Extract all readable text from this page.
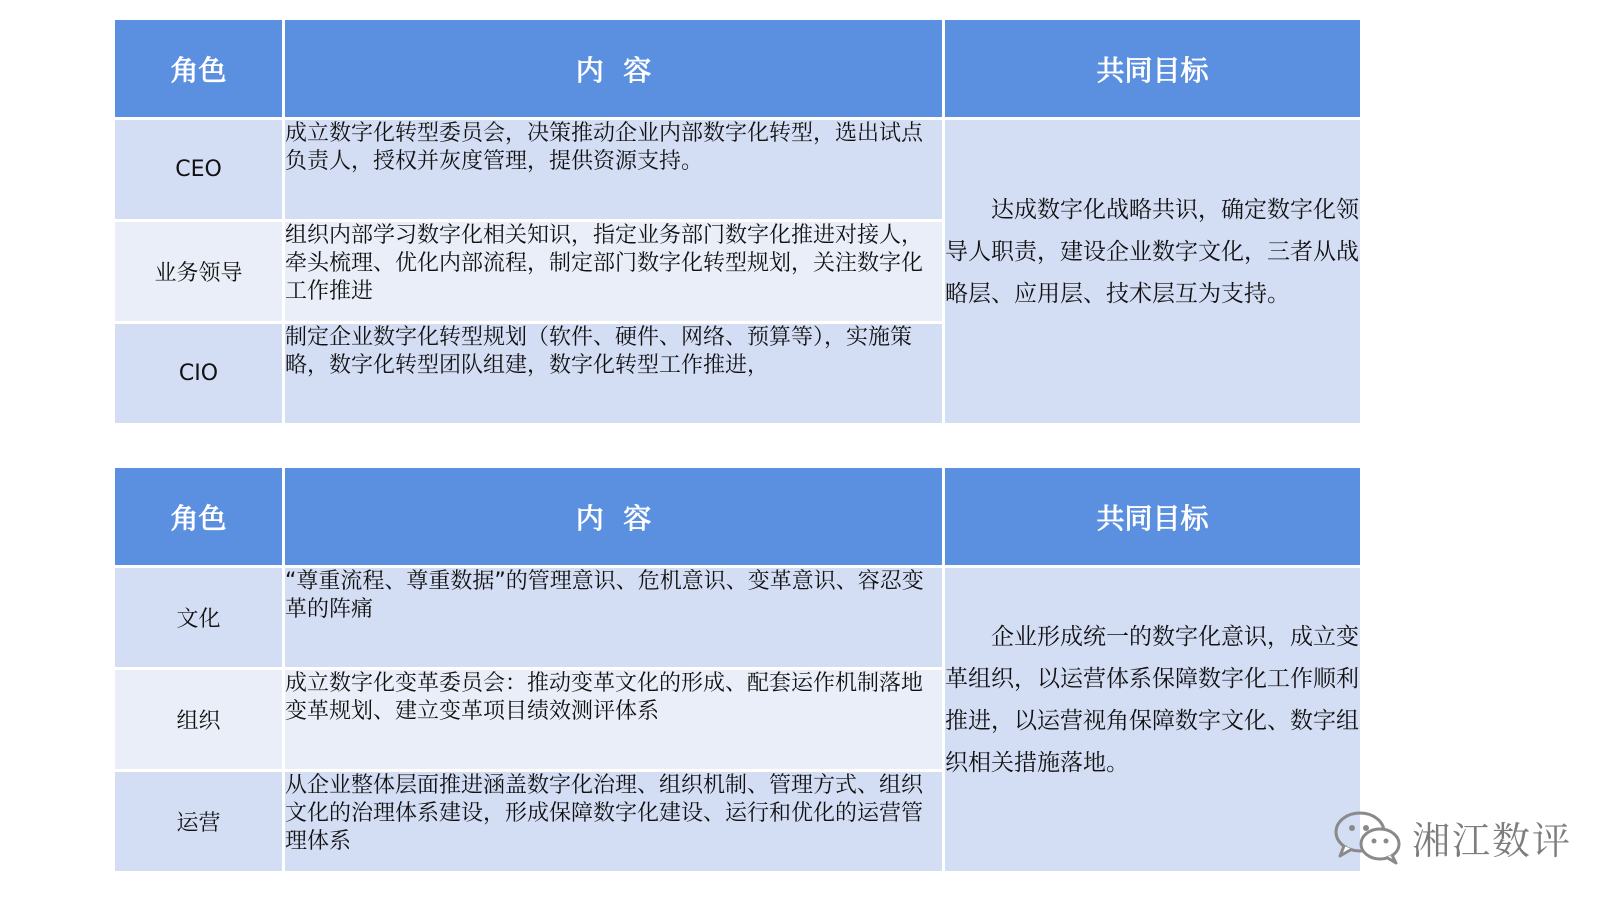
角色	内  容	共同目标
CEO	成立数字化转型委员会，决策推动企业内部数字化转型，选出试点负责人，授权并灰度管理，提供资源支持。	达成数字化战略共识，确定数字化领导人职责，建设企业数字文化，三者从战略层、应用层、技术层互为支持。

业务领导	组织内部学习数字化相关知识，指定业务部门数字化推进对接人，牵头梳理、优化内部流程，制定部门数字化转型规划，关注数字化工作推进	
CIO	制定企业数字化转型规划（软件、硬件、网络、预算等），实施策略，数字化转型团队组建，数字化转型工作推进，	
角色	内  容	共同目标
文化	“尊重流程、尊重数据”的管理意识、危机意识、变革意识、容忍变革的阵痛	企业形成统一的数字化意识，成立变革组织，以运营体系保障数字化工作顺利推进，以运营视角保障数字文化、数字组织相关措施落地。

组织	成立数字化变革委员会：推动变革文化的形成、配套运作机制落地变革规划、建立变革项目绩效测评体系	
运营	从企业整体层面推进涵盖数字化治理、组织机制、管理方式、组织文化的治理体系建设，形成保障数字化建设、运行和优化的运营管理体系		湘江数评
